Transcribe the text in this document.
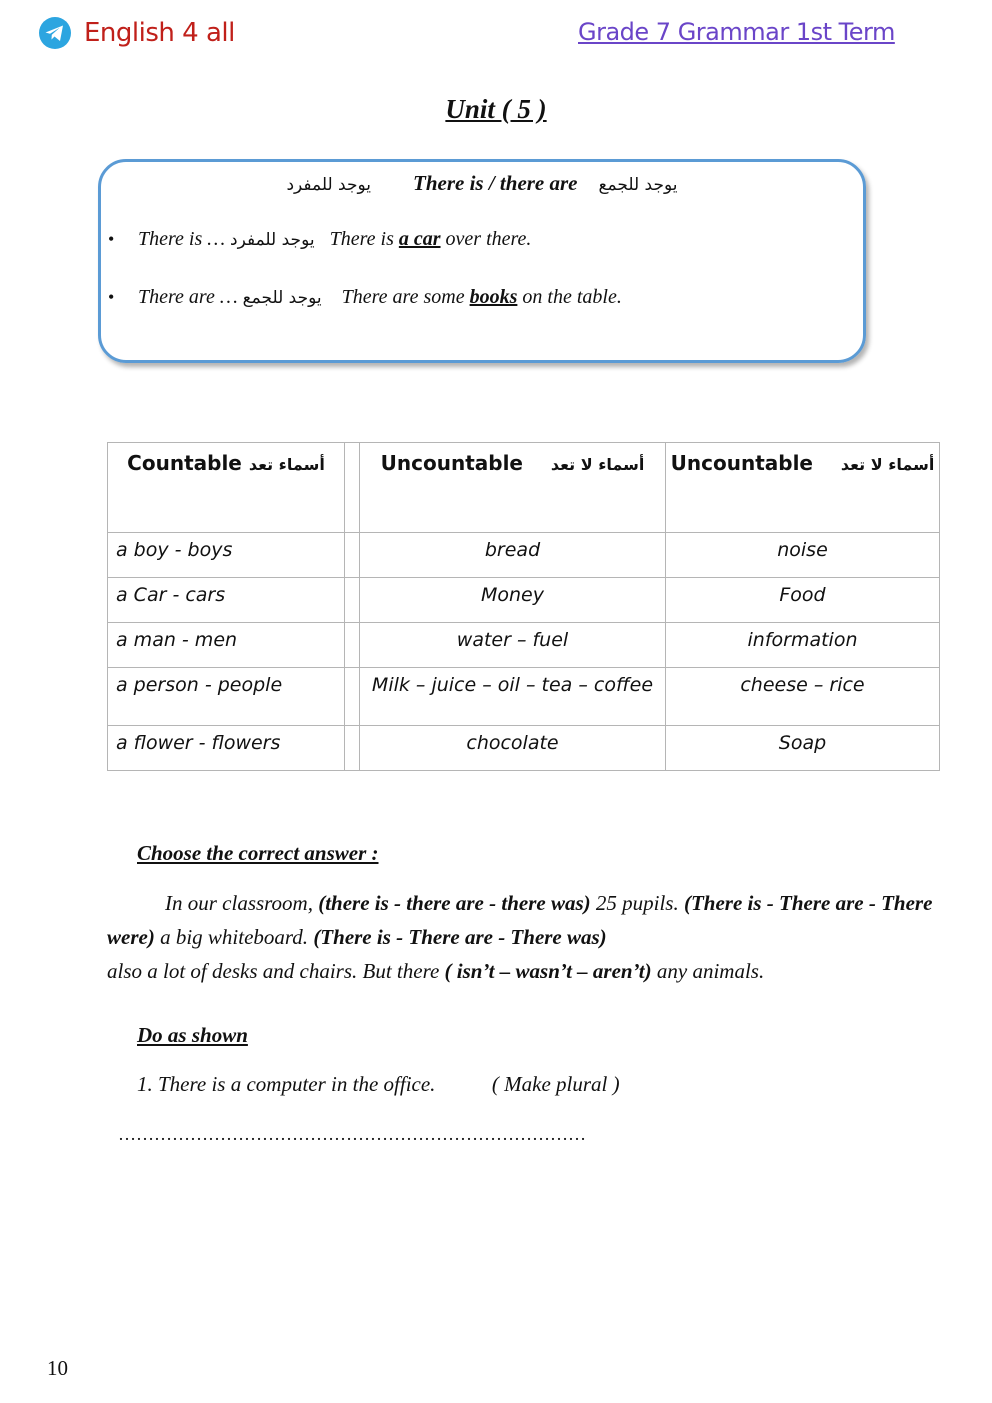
English 4 all	Grade 7 Grammar 1st Term
Unit ( 5 )
يوجد للمفرد There is / there are يوجد للجمع
• There is … يوجد للمفرد There is a car over there.
• There are … يوجد للجمع There are some books on the table.
Countable أسماء تعد		Uncountable أسماء لا تعد	Uncountable أسماء لا تعد

a boy - boys		bread	noise

a Car - cars		Money	Food

a man - men		water – fuel	information

a person - people		Milk – juice – oil – tea – coffee	cheese – rice

a flower - flowers		chocolate	Soap
Choose the correct answer :
In our classroom, (there is - there are - there was) 25 pupils. (There is - There are - There were) a big whiteboard. (There is - There are - There was)
also a lot of desks and chairs. But there ( isn’t – wasn’t – aren’t) any animals.
Do as shown
1. There is a computer in the office.	( Make plural )
……………………………………………………………………
10
